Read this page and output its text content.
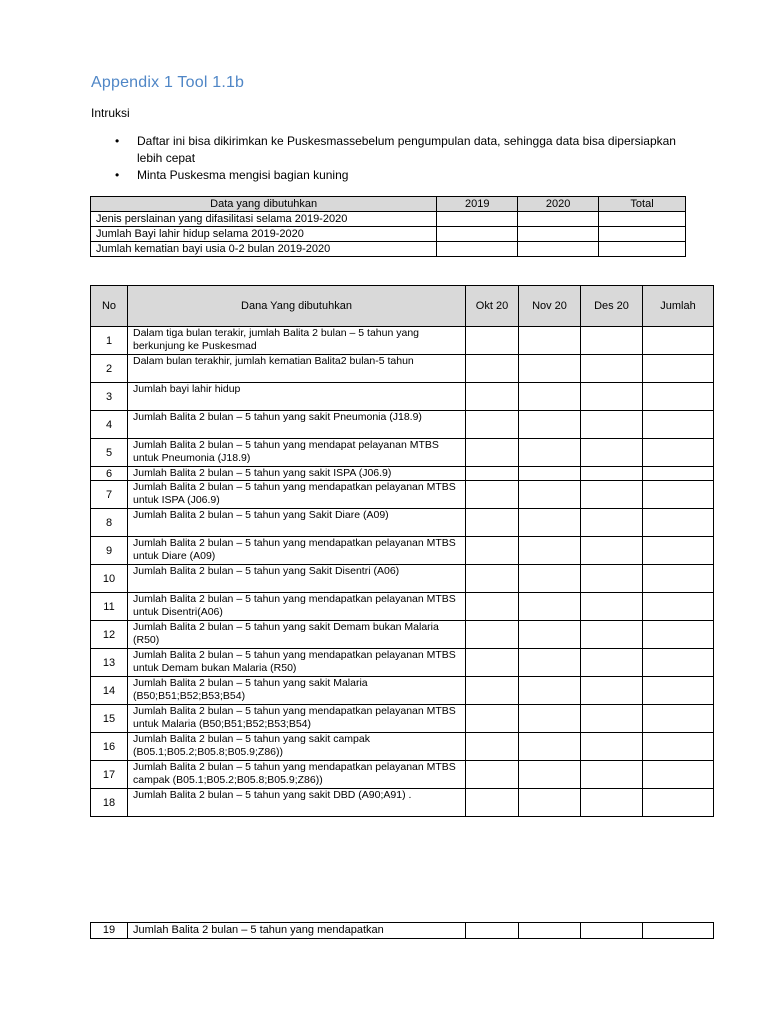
Appendix 1 Tool 1.1b
Intruksi
• Daftar ini bisa dikirimkan ke Puskesmassebelum pengumpulan data, sehingga data bisa dipersiapkan lebih cepat
• Minta Puskesma mengisi bagian kuning
Data yang dibutuhkan	2019	2020	Total
Jenis perslainan yang difasilitasi selama 2019-2020			
Jumlah Bayi lahir hidup selama 2019-2020			
Jumlah kematian bayi usia 0-2 bulan 2019-2020			
No	Dana Yang dibutuhkan	Okt 20	Nov 20	Des 20	Jumlah
1	Dalam tiga bulan terakir, jumlah Balita 2 bulan – 5 tahun yang berkunjung ke Puskesmad				
2	Dalam bulan terakhir, jumlah kematian Balita2 bulan-5 tahun				
3	Jumlah bayi lahir hidup				
4	Jumlah Balita 2 bulan – 5 tahun yang sakit Pneumonia (J18.9)				
5	Jumlah Balita 2 bulan – 5 tahun yang mendapat pelayanan MTBS untuk Pneumonia (J18.9)				
6	Jumlah Balita 2 bulan – 5 tahun yang sakit ISPA (J06.9)				
7	Jumlah Balita 2 bulan – 5 tahun yang mendapatkan pelayanan MTBS untuk ISPA (J06.9)				
8	Jumlah Balita 2 bulan – 5 tahun yang Sakit Diare (A09)				
9	Jumlah Balita 2 bulan – 5 tahun yang mendapatkan pelayanan MTBS untuk Diare (A09)				
10	Jumlah Balita 2 bulan – 5 tahun yang Sakit Disentri (A06)				
11	Jumlah Balita 2 bulan – 5 tahun yang mendapatkan pelayanan MTBS untuk Disentri(A06)				
12	Jumlah Balita 2 bulan – 5 tahun yang sakit Demam bukan Malaria (R50)				
13	Jumlah Balita 2 bulan – 5 tahun yang mendapatkan pelayanan MTBS untuk Demam bukan Malaria (R50)				
14	Jumlah Balita 2 bulan – 5 tahun yang sakit Malaria (B50;B51;B52;B53;B54)				
15	Jumlah Balita 2 bulan – 5 tahun yang mendapatkan pelayanan MTBS untuk Malaria (B50;B51;B52;B53;B54)				
16	Jumlah Balita 2 bulan – 5 tahun yang sakit campak (B05.1;B05.2;B05.8;B05.9;Z86))				
17	Jumlah Balita 2 bulan – 5 tahun yang mendapatkan pelayanan MTBS campak (B05.1;B05.2;B05.8;B05.9;Z86))				
18	Jumlah Balita 2 bulan – 5 tahun yang sakit DBD (A90;A91) .				
19	Jumlah Balita 2 bulan – 5 tahun yang mendapatkan				
